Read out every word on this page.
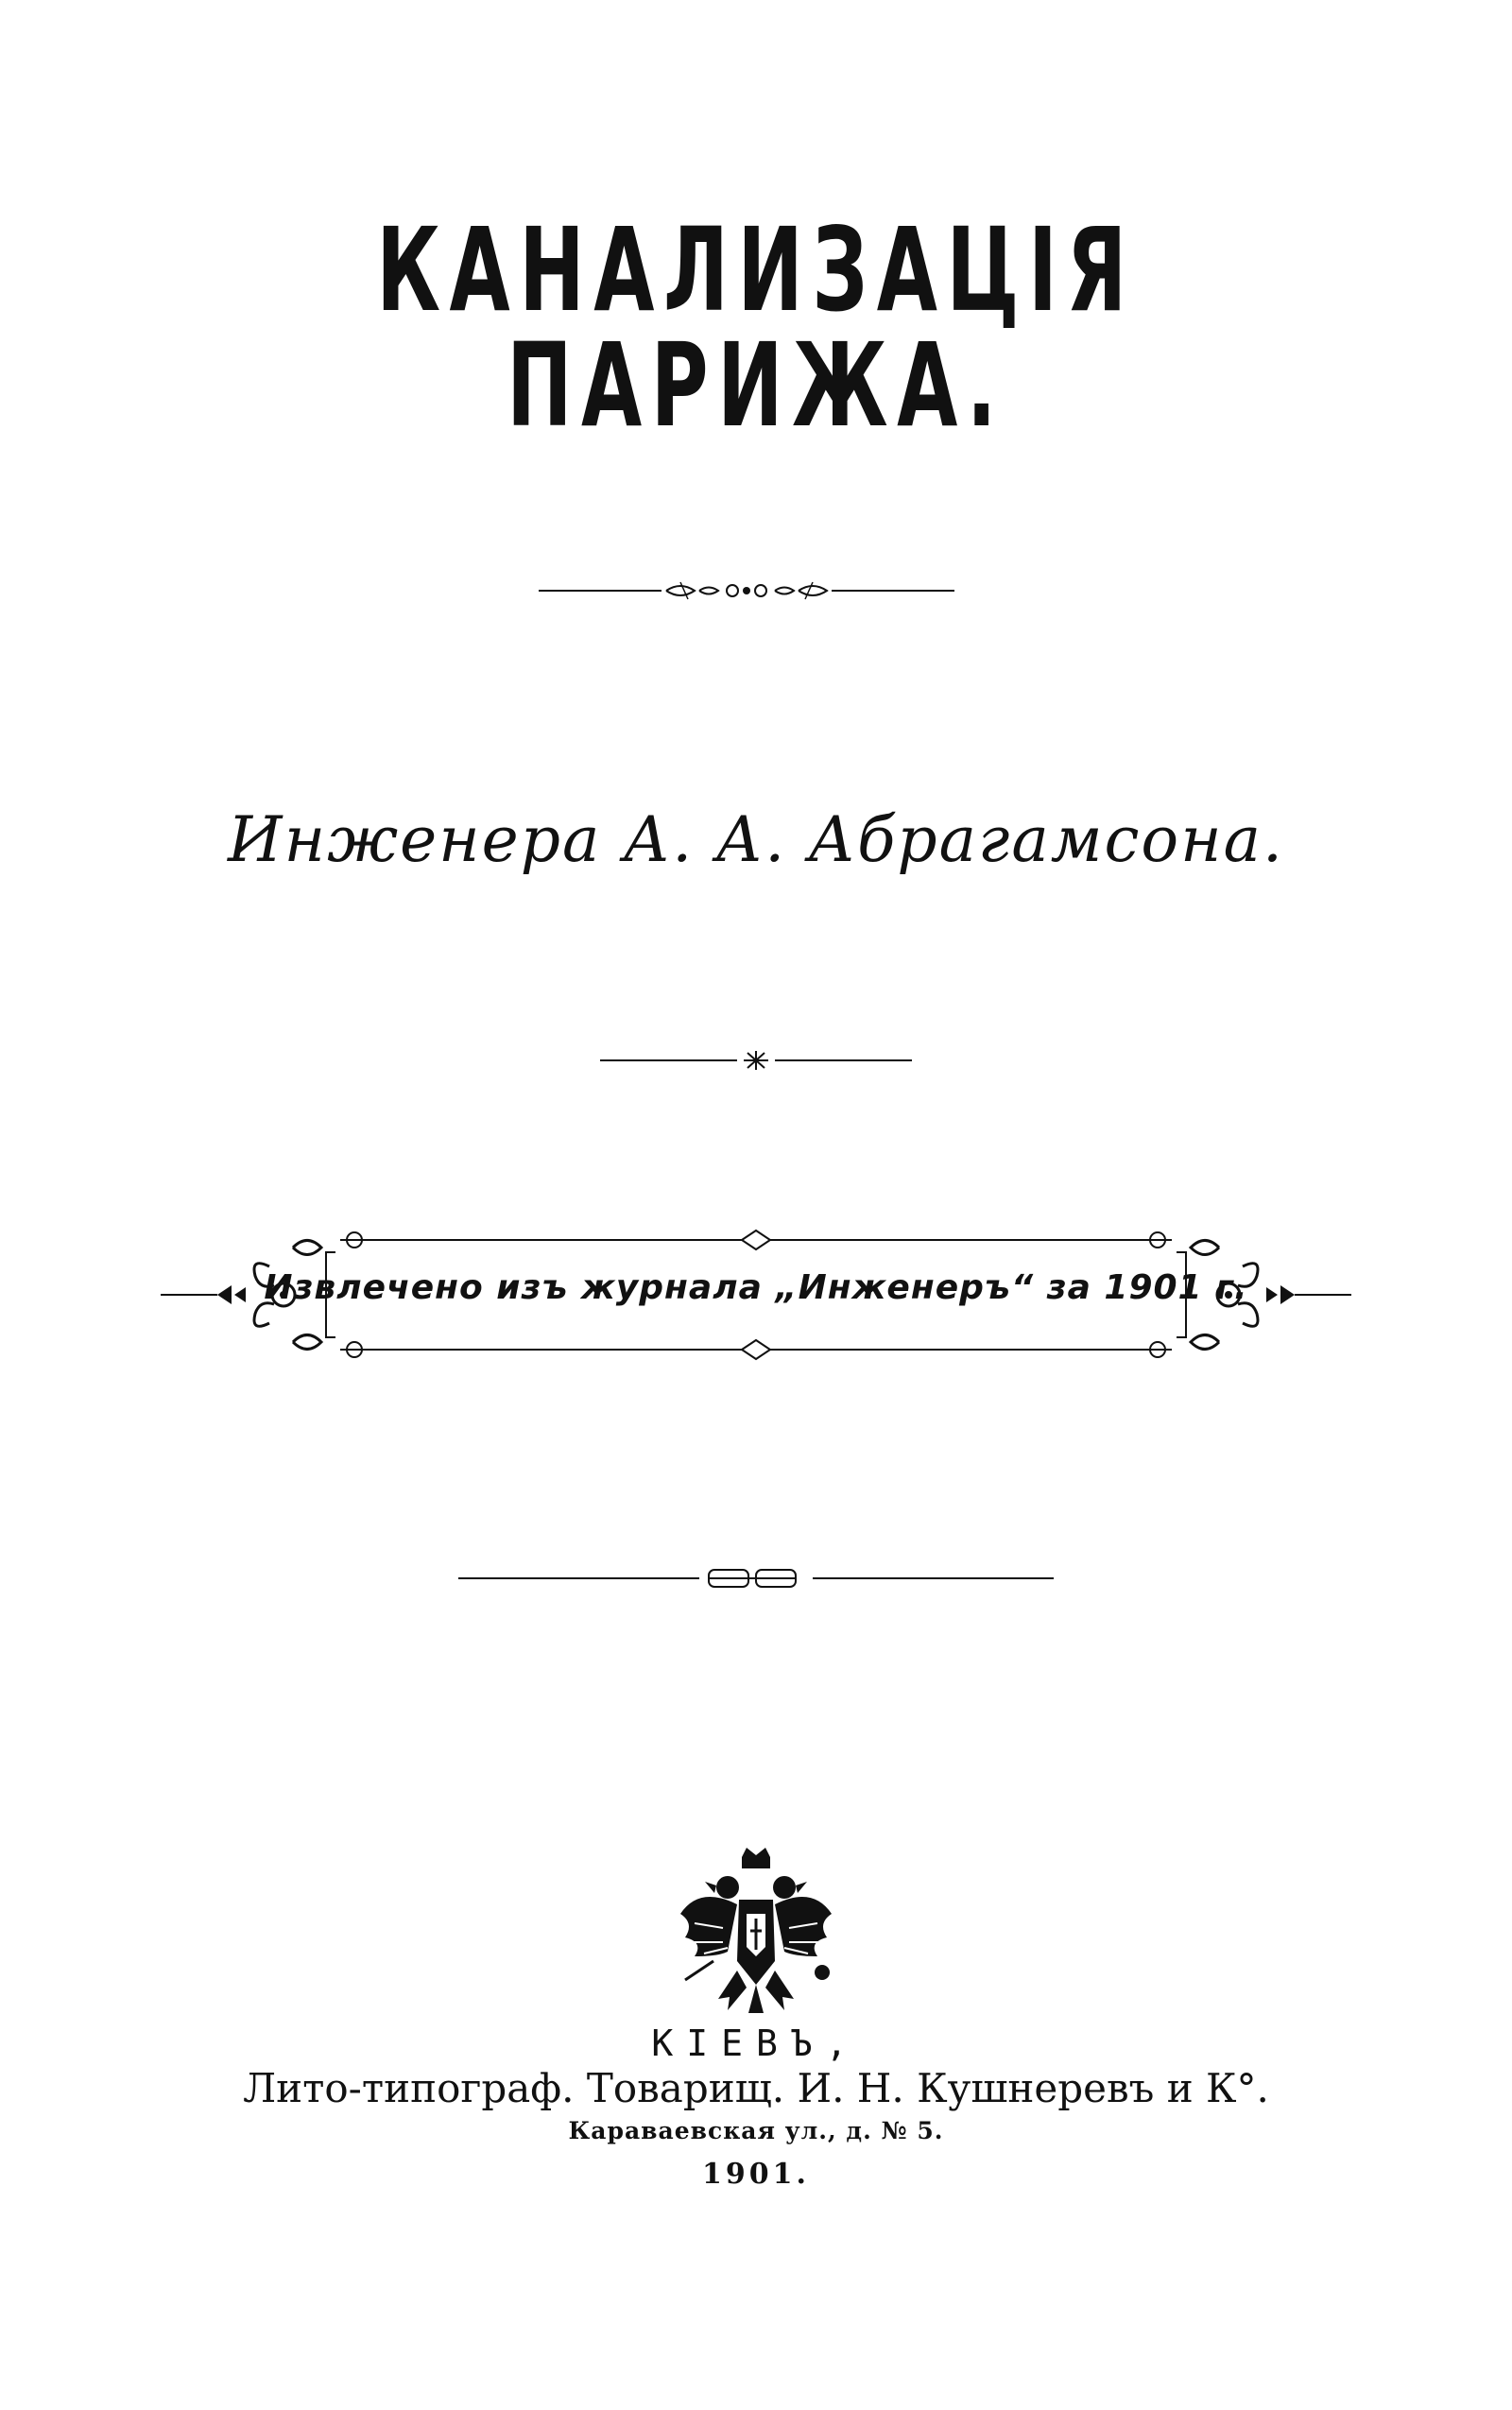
КАНАЛИЗАЦІЯ ПАРИЖА.
Инженера А. А. Абрагамсона.
Извлечено изъ журнала „Инженеръ“ за 1901 г.
КІЕВЪ,
Лито-типограф. Товарищ. И. Н. Кушнеревъ и К°.
Караваевская ул., д. № 5.
1901.
